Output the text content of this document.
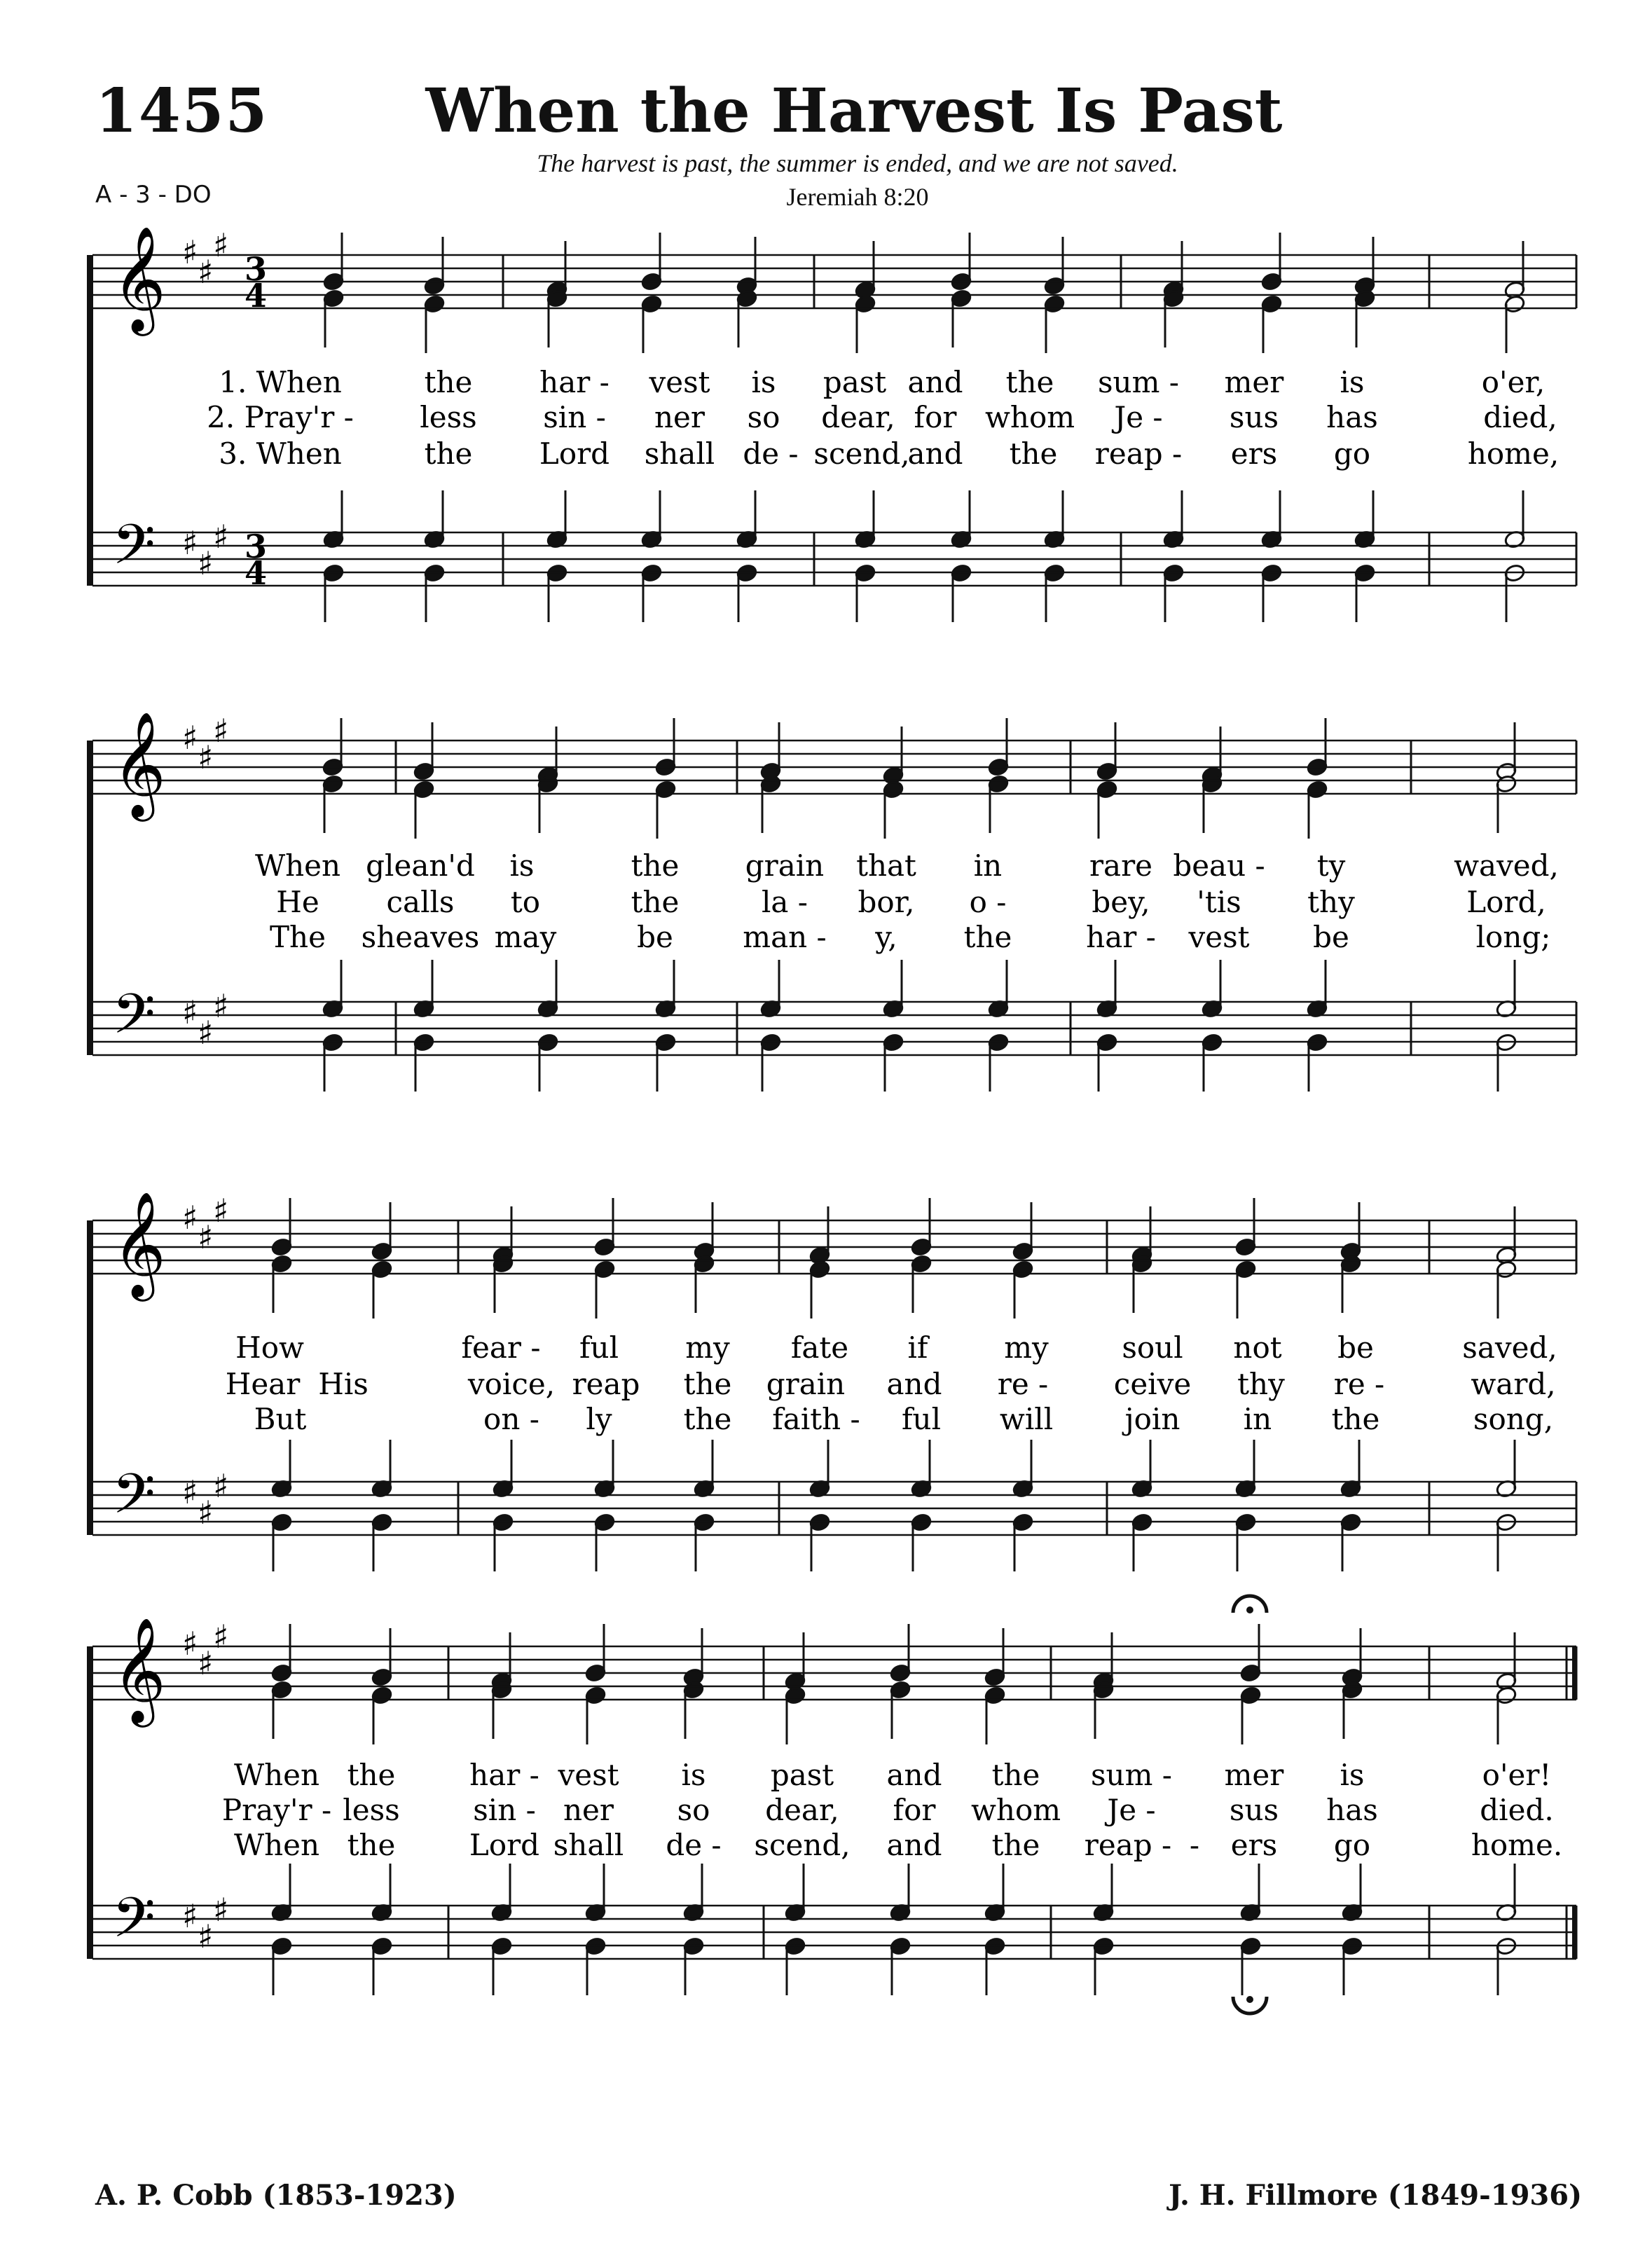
1455	When the Harvest Is Past
The harvest is past, the summer is ended, and we are not saved.
Jeremiah 8:20
A - 3 - DO
1. When	the har - vest is past and the sum - mer is	o'er,
2. Pray'r - less sin - ner so dear, for whom Je - sus has	died,
3. When	the Lord shall de - scend,
and the reap - ers go	home,
𝄞 ♯
♯
♯
3
4
𝄢 ♯
♯
♯ 3
4
When glean'd is	the grain that in	rare beau - ty	waved,
He calls to	the	la - bor, o -	bey, 'tis thy	Lord,
The sheaves may	be man - y, the	har - vest be	long;
𝄞 ♯
♯
♯
𝄢 ♯
♯
♯
How	fear - ful my fate if	my soul not be	saved,
Hear His	voice, reap the grain and re - ceive thy re -	ward,
But	on - ly the faith - ful will join in the	song,
𝄞 ♯
♯
♯
𝄢 ♯
♯
♯
When the	har - vest is past and the sum - mer is	o'er!
Pray'r - less sin - ner so dear, for whom Je -	sus has	died.
When the	Lord shall de - scend, and the reap - - ers go	home.
𝄞 ♯
♯
♯
𝄢 ♯
♯
♯
A. P. Cobb (1853-1923)	J. H. Fillmore (1849-1936)
